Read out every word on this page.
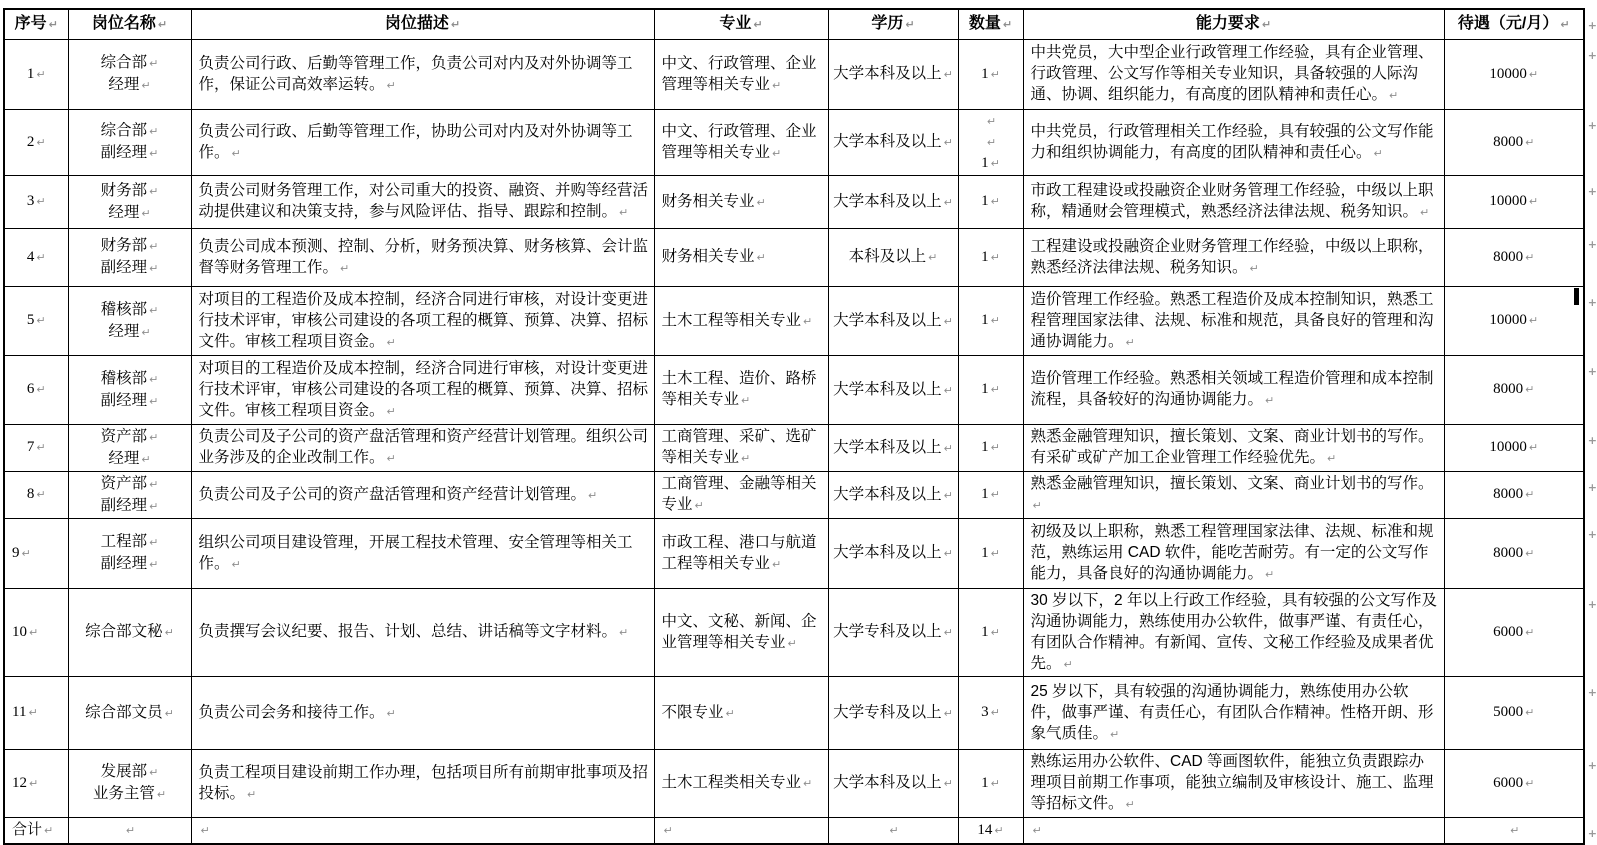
序号 ↵	岗位名称 ↵	岗位描述 ↵	专业 ↵	学历 ↵	数量 ↵	能力要求 ↵	待遇（元/月） ↵ +

1 ↵	综合部 ↵
经理 ↵	负责公司行政、后勤等管理工作，负责公司对内及对外协调等工作，保证公司高效率运转。 ↵	中文、行政管理、企业管理等相关专业 ↵	大学本科及以上 ↵	1 ↵	中共党员，大中型企业行政管理工作经验，具有企业管理、行政管理、公文写作等相关专业知识，具备较强的人际沟通、协调、组织能力，有高度的团队精神和责任心。 ↵	10000 ↵
+

2 ↵	综合部 ↵
副经理 ↵	负责公司行政、后勤等管理工作，协助公司对内及对外协调等工作。 ↵	中文、行政管理、企业管理等相关专业 ↵	大学本科及以上 ↵	↵
↵
1 ↵	中共党员，行政管理相关工作经验，具有较强的公文写作能力和组织协调能力，有高度的团队精神和责任心。 ↵	8000 ↵
+

3 ↵	财务部 ↵
经理 ↵	负责公司财务管理工作，对公司重大的投资、融资、并购等经营活动提供建议和决策支持，参与风险评估、指导、跟踪和控制。 ↵	财务相关专业 ↵	大学本科及以上 ↵	1 ↵	市政工程建设或投融资企业财务管理工作经验，中级以上职称，精通财会管理模式，熟悉经济法律法规、税务知识。 ↵	10000 ↵
+

4 ↵	财务部 ↵
副经理 ↵	负责公司成本预测、控制、分析，财务预决算、财务核算、会计监督等财务管理工作。 ↵	财务相关专业 ↵	本科及以上 ↵	1 ↵	工程建设或投融资企业财务管理工作经验，中级以上职称，熟悉经济法律法规、税务知识。 ↵	8000 ↵
+

5 ↵	稽核部 ↵
经理 ↵	对项目的工程造价及成本控制，经济合同进行审核，对设计变更进行技术评审，审核公司建设的各项工程的概算、预算、决算、招标文件。审核工程项目资金。 ↵	土木工程等相关专业 ↵	大学本科及以上 ↵	1 ↵	造价管理工作经验。熟悉工程造价及成本控制知识，熟悉工程管理国家法律、法规、标准和规范，具备良好的管理和沟通协调能力。 ↵	10000 ↵
+

6 ↵	稽核部 ↵
副经理 ↵	对项目的工程造价及成本控制，经济合同进行审核，对设计变更进行技术评审，审核公司建设的各项工程的概算、预算、决算、招标文件。审核工程项目资金。 ↵	土木工程、造价、路桥等相关专业 ↵	大学本科及以上 ↵	1 ↵	造价管理工作经验。熟悉相关领域工程造价管理和成本控制流程，具备较好的沟通协调能力。 ↵	8000 ↵
+

7 ↵	资产部 ↵
经理 ↵	负责公司及子公司的资产盘活管理和资产经营计划管理。组织公司业务涉及的企业改制工作。 ↵	工商管理、采矿、选矿等相关专业 ↵	大学本科及以上 ↵	1 ↵	熟悉金融管理知识，擅长策划、文案、商业计划书的写作。有采矿或矿产加工企业管理工作经验优先。 ↵	10000 ↵
+

8 ↵	资产部 ↵
副经理 ↵	负责公司及子公司的资产盘活管理和资产经营计划管理。 ↵	工商管理、金融等相关专业 ↵	大学本科及以上 ↵	1 ↵	熟悉金融管理知识，擅长策划、文案、商业计划书的写作。↵	8000 ↵
+

9 ↵	工程部 ↵
副经理 ↵	组织公司项目建设管理，开展工程技术管理、安全管理等相关工作。 ↵	市政工程、港口与航道工程等相关专业 ↵	大学本科及以上 ↵	1 ↵	初级及以上职称，熟悉工程管理国家法律、法规、标准和规范，熟练运用 CAD 软件，能吃苦耐劳。有一定的公文写作能力，具备良好的沟通协调能力。 ↵	8000 ↵
+

10 ↵	综合部文秘 ↵	负责撰写会议纪要、报告、计划、总结、讲话稿等文字材料。 ↵	中文、文秘、新闻、企业管理等相关专业 ↵	大学专科及以上 ↵	1 ↵	30 岁以下，2 年以上行政工作经验，具有较强的公文写作及沟通协调能力，熟练使用办公软件，做事严谨、有责任心，有团队合作精神。有新闻、宣传、文秘工作经验及成果者优先。 ↵	6000 ↵
+

11 ↵	综合部文员 ↵	负责公司会务和接待工作。 ↵	不限专业 ↵	大学专科及以上 ↵	3 ↵	25 岁以下，具有较强的沟通协调能力，熟练使用办公软件，做事严谨、有责任心，有团队合作精神。性格开朗、形象气质佳。 ↵	5000 ↵
+

12 ↵	发展部 ↵
业务主管 ↵	负责工程项目建设前期工作办理，包括项目所有前期审批事项及招投标。 ↵	土木工程类相关专业 ↵	大学本科及以上 ↵	1 ↵	熟练运用办公软件、CAD 等画图软件，能独立负责跟踪办理项目前期工作事项，能独立编制及审核设计、施工、监理等招标文件。 ↵	6000 ↵
+

合计 ↵	↵	↵	↵	↵	14 ↵	↵	↵ +
